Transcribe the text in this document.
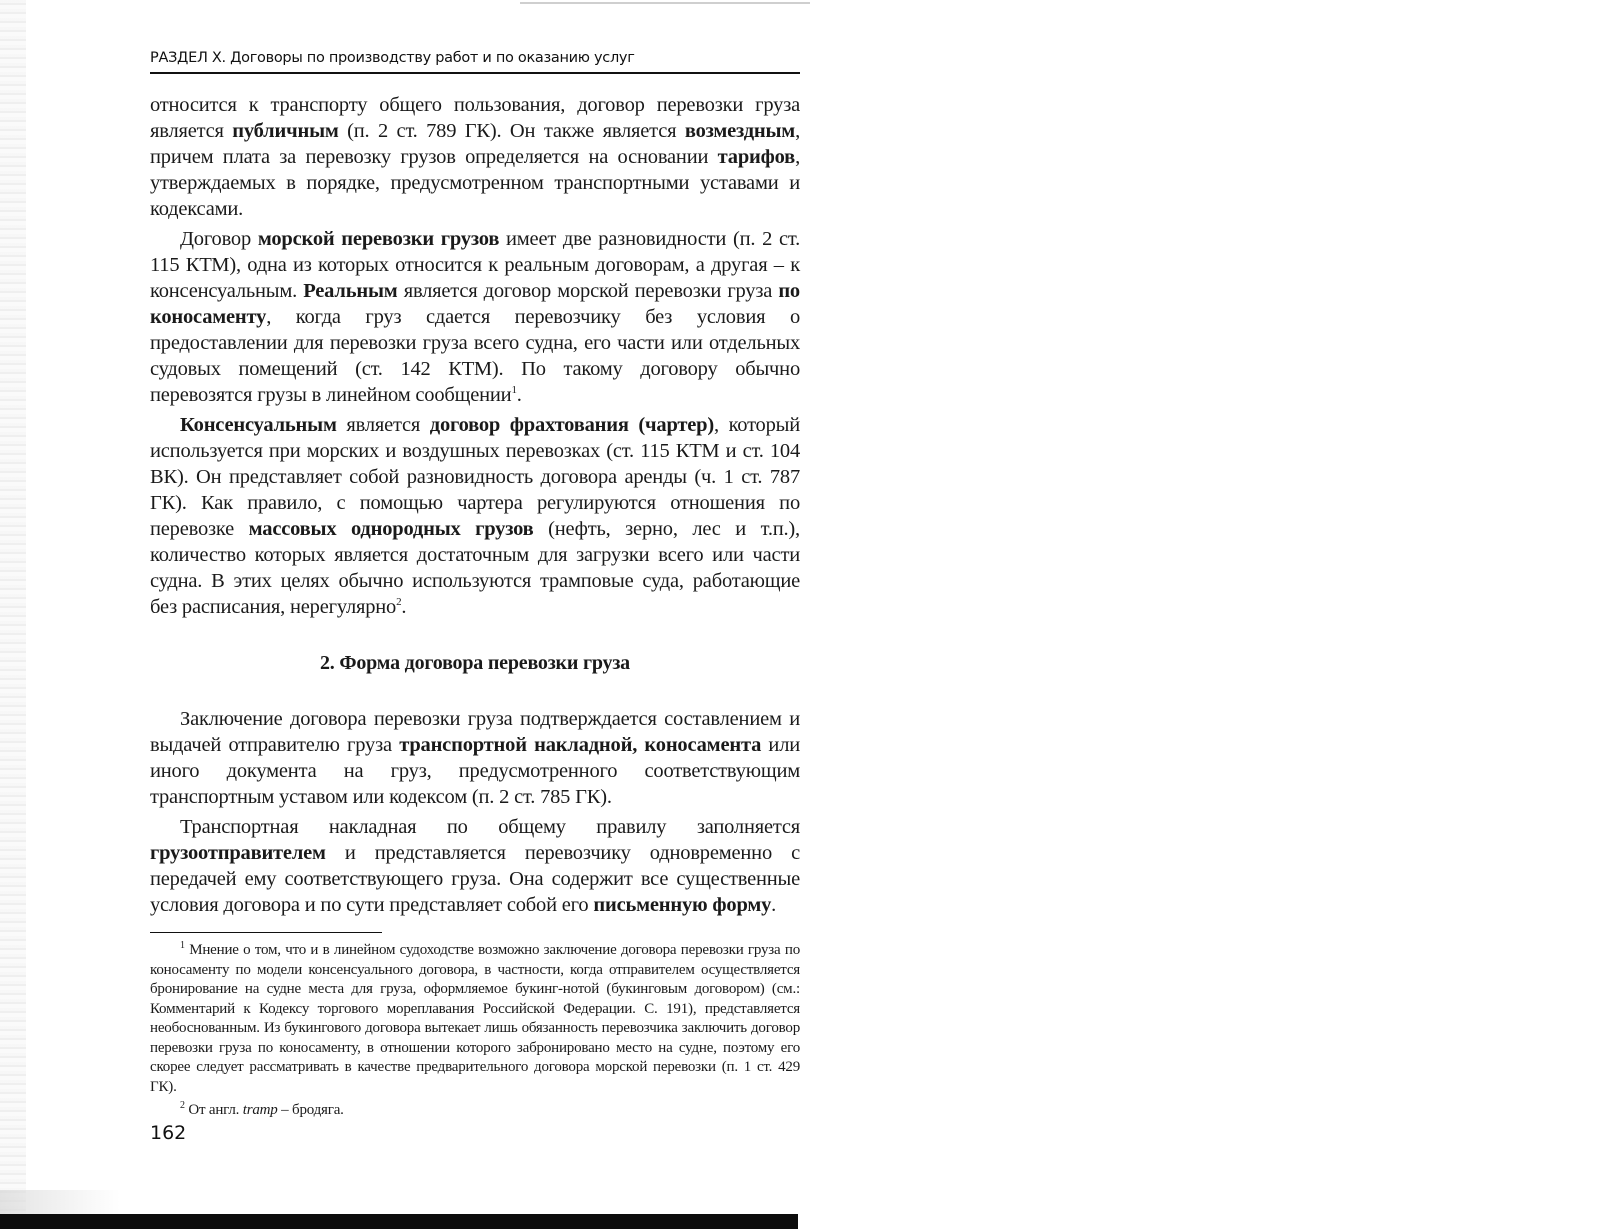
РАЗДЕЛ X. Договоры по производству работ и по оказанию услуг

относится к транспорту общего пользования, договор перевозки груза является публичным (п. 2 ст. 789 ГК). Он также является возмездным, причем плата за перевозку грузов определяется на основании тарифов, утверждаемых в порядке, предусмотренном транспортными уставами и кодексами.

Договор морской перевозки грузов имеет две разновидности (п. 2 ст. 115 КТМ), одна из которых относится к реальным договорам, а другая – к консенсуальным. Реальным является договор морской перевозки груза по коносаменту, когда груз сдается перевозчику без условия о предоставлении для перевозки груза всего судна, его части или отдельных судовых помещений (ст. 142 КТМ). По такому договору обычно перевозятся грузы в линейном сообщении$^1$.

Консенсуальным является договор фрахтования (чартер), который используется при морских и воздушных перевозках (ст. 115 КТМ и ст. 104 ВК). Он представляет собой разновидность договора аренды (ч. 1 ст. 787 ГК). Как правило, с помощью чартера регулируются отношения по перевозке массовых однородных грузов (нефть, зерно, лес и т.п.), количество которых является достаточным для загрузки всего или части судна. В этих целях обычно используются трамповые суда, работающие без расписания, нерегулярно$^2$.

2. Форма договора перевозки груза

Заключение договора перевозки груза подтверждается составлением и выдачей отправителю груза транспортной накладной, коносамента или иного документа на груз, предусмотренного соответствующим транспортным уставом или кодексом (п. 2 ст. 785 ГК).

Транспортная накладная по общему правилу заполняется грузоотправителем и представляется перевозчику одновременно с передачей ему соответствующего груза. Она содержит все существенные условия договора и по сути представляет собой его письменную форму.

$^1$ Мнение о том, что и в линейном судоходстве возможно заключение договора перевозки груза по коносаменту по модели консенсуального договора, в частности, когда отправителем осуществляется бронирование на судне места для груза, оформляемое букинг-нотой (букинговым договором) (см.: Комментарий к Кодексу торгового мореплавания Российской Федерации. С. 191), представляется необоснованным. Из букингового договора вытекает лишь обязанность перевозчика заключить договор перевозки груза по коносаменту, в отношении которого забронировано место на судне, поэтому его скорее следует рассматривать в качестве предварительного договора морской перевозки (п. 1 ст. 429 ГК).

$^2$ От англ. tramp – бродяга.

162
